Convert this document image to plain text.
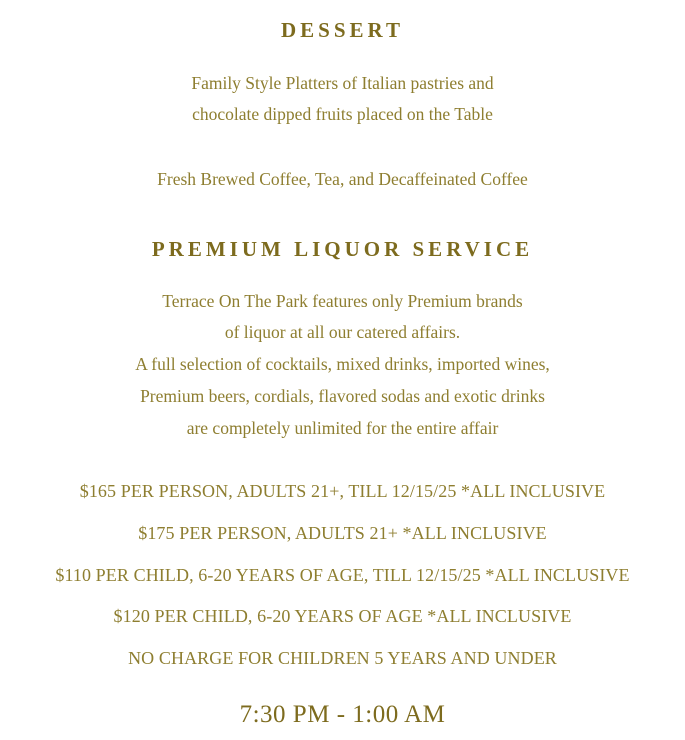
DESSERT
Family Style Platters of Italian pastries and
chocolate dipped fruits placed on the Table
Fresh Brewed Coffee, Tea, and Decaffeinated Coffee
PREMIUM LIQUOR SERVICE
Terrace On The Park features only Premium brands
of liquor at all our catered affairs.
A full selection of cocktails, mixed drinks, imported wines,
Premium beers, cordials, flavored sodas and exotic drinks
are completely unlimited for the entire affair
$165 PER PERSON, ADULTS 21+, TILL 12/15/25 *ALL INCLUSIVE
$175 PER PERSON, ADULTS 21+ *ALL INCLUSIVE
$110 PER CHILD, 6-20 YEARS OF AGE, TILL 12/15/25 *ALL INCLUSIVE
$120 PER CHILD, 6-20 YEARS OF AGE *ALL INCLUSIVE
NO CHARGE FOR CHILDREN 5 YEARS AND UNDER
7:30 PM - 1:00 AM
